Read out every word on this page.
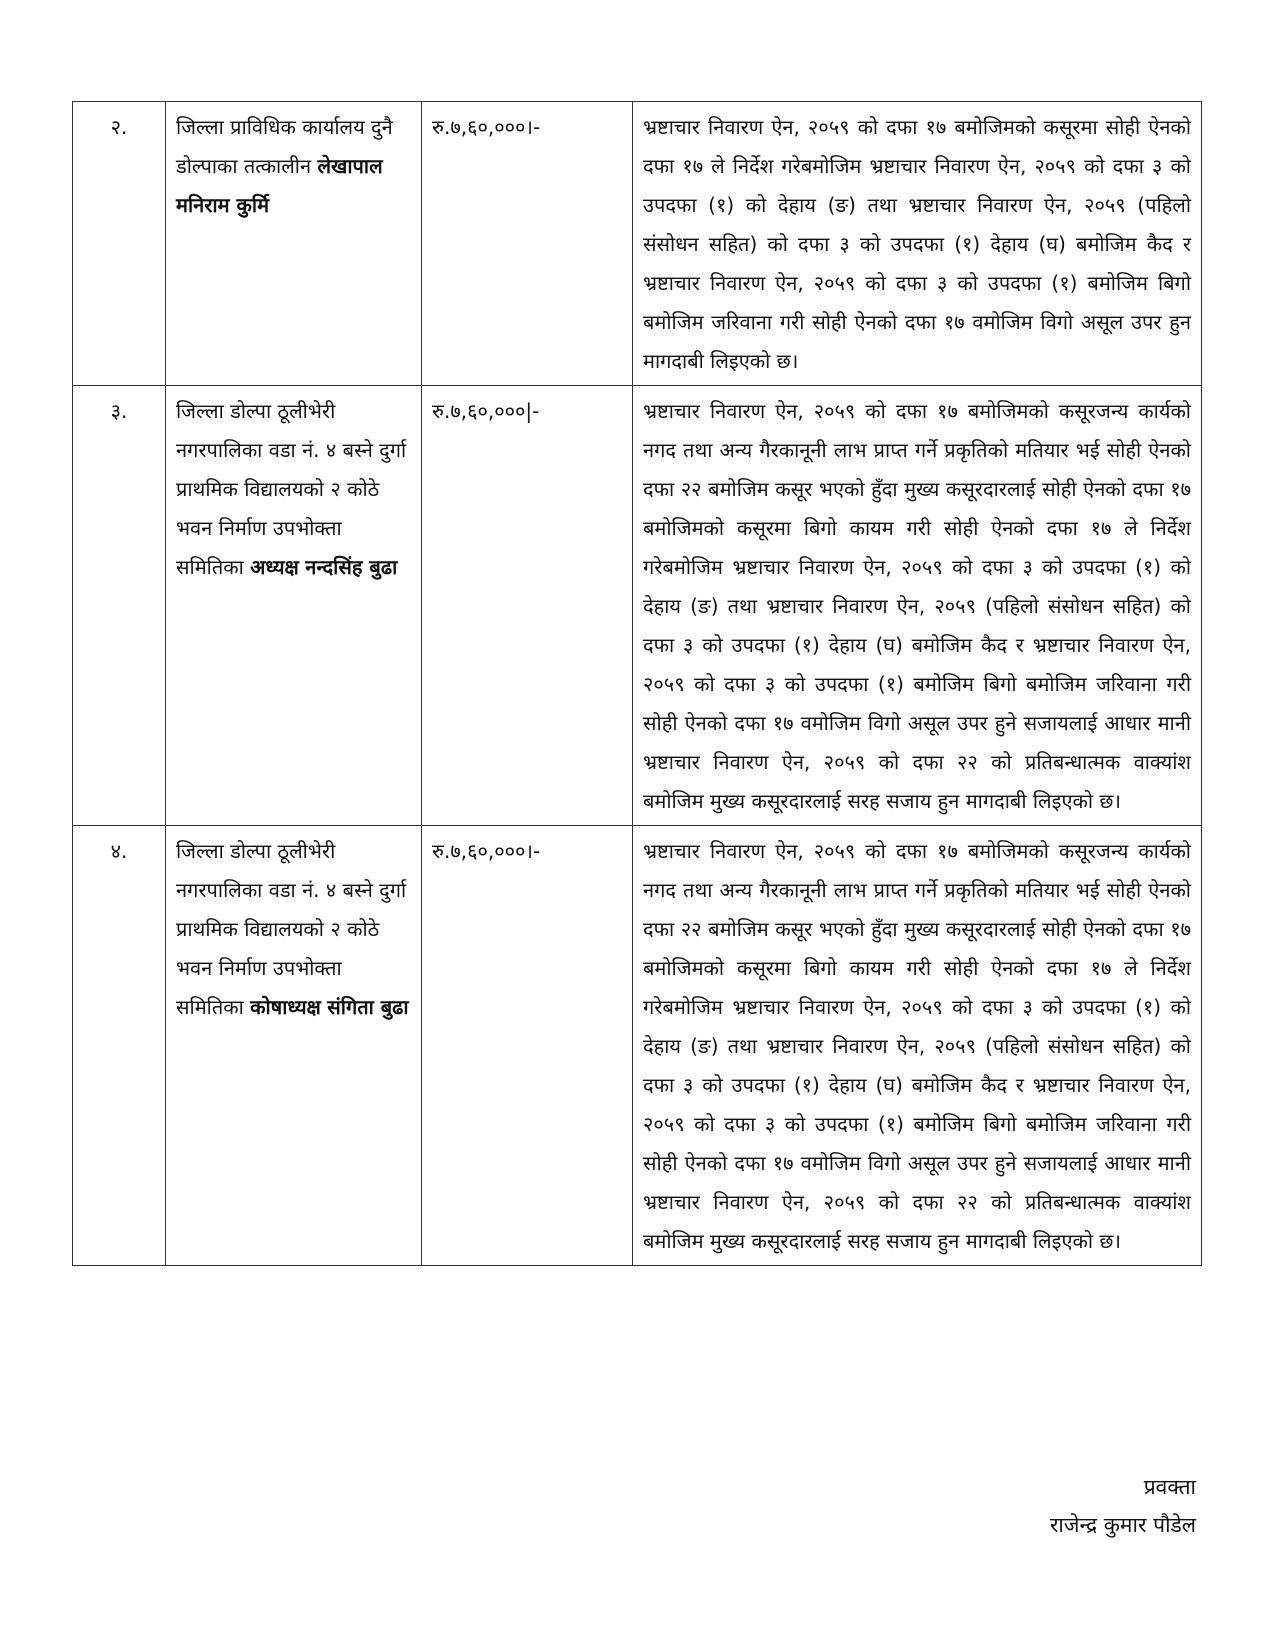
२.	जिल्ला प्राविधिक कार्यालय दुनै डोल्पाका तत्कालीन लेखापाल मनिराम कुर्मि	रु.७,६०,०००।-	भ्रष्टाचार निवारण ऐन, २०५९ को दफा १७ बमोजिमको कसूरमा सोही ऐनको दफा १७ ले निर्देश गरेबमोजिम भ्रष्टाचार निवारण ऐन, २०५९ को दफा ३ को उपदफा (१) को देहाय (ङ) तथा भ्रष्टाचार निवारण ऐन, २०५९ (पहिलो संसोधन सहित) को दफा ३ को उपदफा (१) देहाय (घ) बमोजिम कैद र भ्रष्टाचार निवारण ऐन, २०५९ को दफा ३ को उपदफा (१) बमोजिम बिगो बमोजिम जरिवाना गरी सोही ऐनको दफा १७ वमोजिम विगो असूल उपर हुन मागदाबी लिइएको छ।
३.	जिल्ला डोल्पा ठूलीभेरी नगरपालिका वडा नं. ४ बस्ने दुर्गा प्राथमिक विद्यालयको २ कोठे भवन निर्माण उपभोक्ता समितिका अध्यक्ष नन्दसिंह बुढा	रु.७,६०,०००|-	भ्रष्टाचार निवारण ऐन, २०५९ को दफा १७ बमोजिमको कसूरजन्य कार्यको नगद तथा अन्य गैरकानूनी लाभ प्राप्त गर्ने प्रकृतिको मतियार भई सोही ऐनको दफा २२ बमोजिम कसूर भएको हुँदा मुख्य कसूरदारलाई सोही ऐनको दफा १७ बमोजिमको कसूरमा बिगो कायम गरी सोही ऐनको दफा १७ ले निर्देश गरेबमोजिम भ्रष्टाचार निवारण ऐन, २०५९ को दफा ३ को उपदफा (१) को देहाय (ङ) तथा भ्रष्टाचार निवारण ऐन, २०५९ (पहिलो संसोधन सहित) को दफा ३ को उपदफा (१) देहाय (घ) बमोजिम कैद र भ्रष्टाचार निवारण ऐन, २०५९ को दफा ३ को उपदफा (१) बमोजिम बिगो बमोजिम जरिवाना गरी सोही ऐनको दफा १७ वमोजिम विगो असूल उपर हुने सजायलाई आधार मानी भ्रष्टाचार निवारण ऐन, २०५९ को दफा २२ को प्रतिबन्धात्मक वाक्यांश बमोजिम मुख्य कसूरदारलाई सरह सजाय हुन मागदाबी लिइएको छ।
४.	जिल्ला डोल्पा ठूलीभेरी नगरपालिका वडा नं. ४ बस्ने दुर्गा प्राथमिक विद्यालयको २ कोठे भवन निर्माण उपभोक्ता समितिका कोषाध्यक्ष संगिता बुढा	रु.७,६०,०००।-	भ्रष्टाचार निवारण ऐन, २०५९ को दफा १७ बमोजिमको कसूरजन्य कार्यको नगद तथा अन्य गैरकानूनी लाभ प्राप्त गर्ने प्रकृतिको मतियार भई सोही ऐनको दफा २२ बमोजिम कसूर भएको हुँदा मुख्य कसूरदारलाई सोही ऐनको दफा १७ बमोजिमको कसूरमा बिगो कायम गरी सोही ऐनको दफा १७ ले निर्देश गरेबमोजिम भ्रष्टाचार निवारण ऐन, २०५९ को दफा ३ को उपदफा (१) को देहाय (ङ) तथा भ्रष्टाचार निवारण ऐन, २०५९ (पहिलो संसोधन सहित) को दफा ३ को उपदफा (१) देहाय (घ) बमोजिम कैद र भ्रष्टाचार निवारण ऐन, २०५९ को दफा ३ को उपदफा (१) बमोजिम बिगो बमोजिम जरिवाना गरी सोही ऐनको दफा १७ वमोजिम विगो असूल उपर हुने सजायलाई आधार मानी भ्रष्टाचार निवारण ऐन, २०५९ को दफा २२ को प्रतिबन्धात्मक वाक्यांश बमोजिम मुख्य कसूरदारलाई सरह सजाय हुन मागदाबी लिइएको छ।
प्रवक्ता
राजेन्द्र कुमार पौडेल
